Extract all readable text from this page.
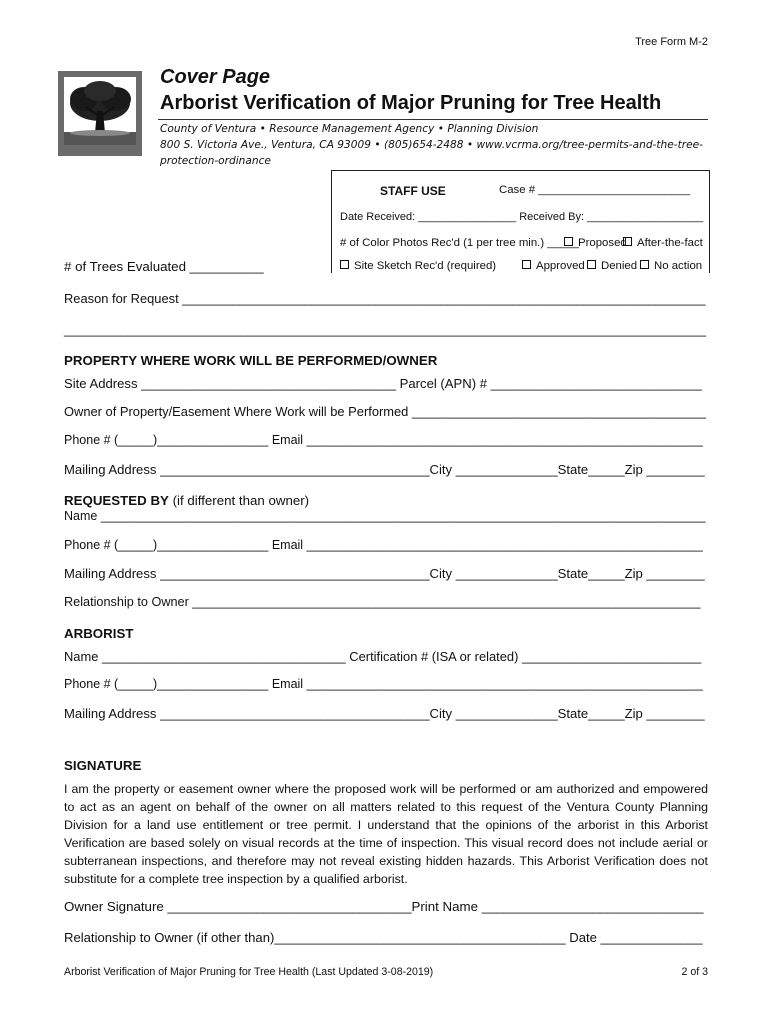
Tree Form M-2
Cover Page
Arborist Verification of Major Pruning for Tree Health
County of Ventura • Resource Management Agency • Planning Division
800 S. Victoria Ave., Ventura, CA 93009 • (805)654-2488 • www.vcrma.org/tree-permits-and-the-tree-
protection-ordinance
STAFF USE	Case # ________________________
Date Received: ________________ Received By: ___________________
# of Color Photos Rec'd (1 per tree min.) _____ Proposed After-the-fact
Site Sketch Rec'd (required)	Approved	Denied	No action
# of Trees Evaluated __________
Reason for Request _________________________________________________________________________
___________________________________________________________________________________________
PROPERTY WHERE WORK WILL BE PERFORMED/OWNER
Site Address ___________________________________ Parcel (APN) # _____________________________
Owner of Property/Easement Where Work will be Performed _________________________________________
Phone # (_____)________________ Email _________________________________________________________
Mailing Address _____________________________________City ______________State_____Zip ________
REQUESTED BY (if different than owner)
Name _______________________________________________________________________________________
Phone # (_____)________________ Email _________________________________________________________
Mailing Address _____________________________________City ______________State_____Zip ________
Relationship to Owner ________________________________________________________________________
ARBORIST
Name __________________________________ Certification # (ISA or related) _________________________
Phone # (_____)________________ Email _________________________________________________________
Mailing Address _____________________________________City ______________State_____Zip ________
SIGNATURE
I am the property or easement owner where the proposed work will be performed or am authorized and empowered to act as an agent on behalf of the owner on all matters related to this request of the Ventura County Planning Division for a land use entitlement or tree permit. I understand that the opinions of the arborist in this Arborist Verification are based solely on visual records at the time of inspection. This visual record does not include aerial or subterranean inspections, and therefore may not reveal existing hidden hazards. This Arborist Verification does not substitute for a complete tree inspection by a qualified arborist.
Owner Signature _________________________________Print Name ______________________________
Relationship to Owner (if other than)________________________________________ Date ______________
Arborist Verification of Major Pruning for Tree Health (Last Updated 3-08-2019)	2 of 3
